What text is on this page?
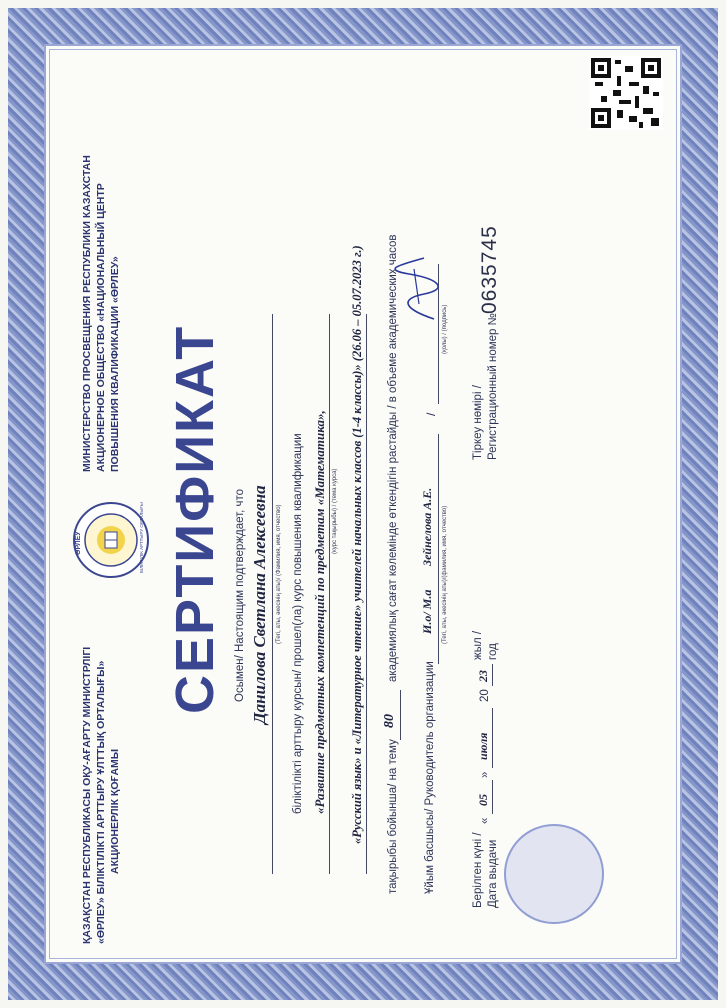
ҚАЗАҚСТАН РЕСПУБЛИКАСЫ ОҚУ-АҒАРТУ МИНИСТРЛІГІ «ӨРЛЕУ» БІЛІКТІЛІКТІ АРТТЫРУ ҰЛТТЫҚ ОРТАЛЫҒЫ» АКЦИОНЕРЛІК ҚОҒАМЫ
ӨРЛЕУ	БІЛІКТІЛІК АРТТЫРУ ОРТАЛЫҒЫ
МИНИСТЕРСТВО ПРОСВЕЩЕНИЯ РЕСПУБЛИКИ КАЗАХСТАН АКЦИОНЕРНОЕ ОБЩЕСТВО «НАЦИОНАЛЬНЫЙ ЦЕНТР ПОВЫШЕНИЯ КВАЛИФИКАЦИИ «ӨРЛЕУ» СЕРТИФИКАТ Осымен/ Настоящим подтверждает, что Данилова Светлана Алексеевна (Тегі, аты, әкесінің аты)/ (Фамилия, имя, отчество) біліктілікті арттыру курсын/ прошел(ла) курс повышения квалификации «Развитие предметных компетенций по предметам «Математика», (курс тақырыбы) / (тема курса) «Русский язык» и «Литературное чтение» учителей начальных классов (1-4 классы)» (26.06 – 05.07.2023 г.) тақырыбы бойынша/ на тему
80
академиялық сағат көлемінде өткендігін растайды / в объеме академических часов
Ұйым басшысы/ Руководитель организации
И.о/ М.а
Зейнелова А.Е. (Тегі, аты, әкесінің аты)/(фамилия, имя, отчество)
/
(қолы) / (подпись)
Берілген күні / Дата выдачи
«
05
»
июля
20
23
жыл / год
Тіркеу нөмірі / Регистрационный номер №
0635745
